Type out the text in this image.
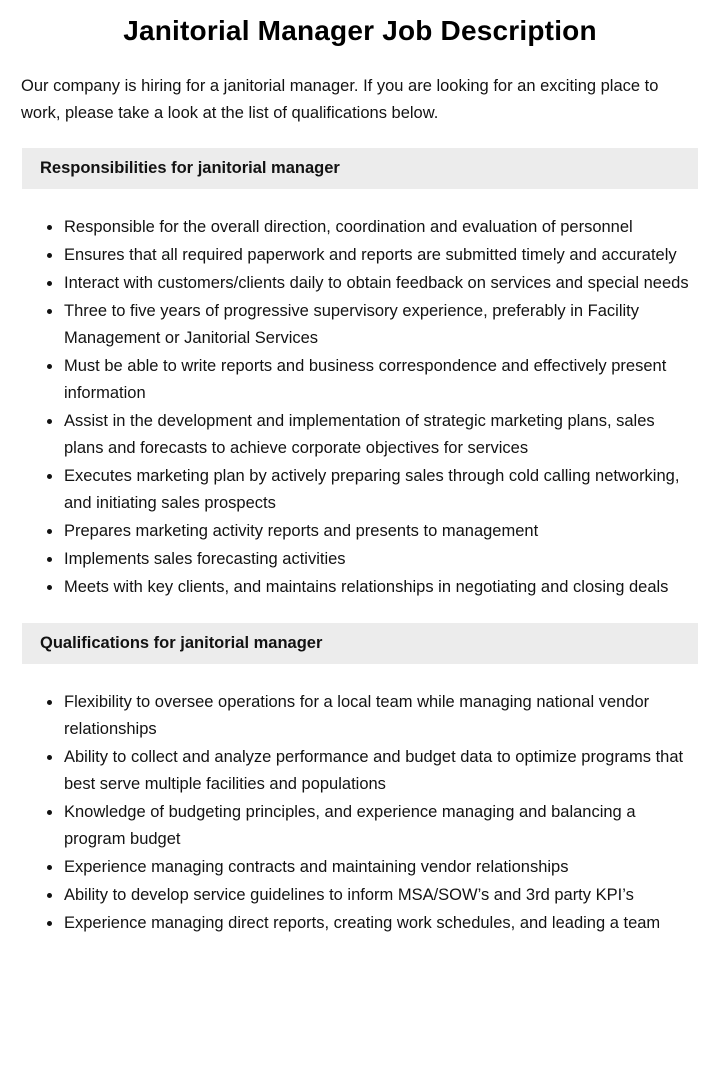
Janitorial Manager Job Description

Our company is hiring for a janitorial manager. If you are looking for an exciting place to work, please take a look at the list of qualifications below.

Responsibilities for janitorial manager
• Responsible for the overall direction, coordination and evaluation of personnel
• Ensures that all required paperwork and reports are submitted timely and accurately
• Interact with customers/clients daily to obtain feedback on services and special needs
• Three to five years of progressive supervisory experience, preferably in Facility Management or Janitorial Services
• Must be able to write reports and business correspondence and effectively present information
• Assist in the development and implementation of strategic marketing plans, sales plans and forecasts to achieve corporate objectives for services
• Executes marketing plan by actively preparing sales through cold calling networking, and initiating sales prospects
• Prepares marketing activity reports and presents to management
• Implements sales forecasting activities
• Meets with key clients, and maintains relationships in negotiating and closing deals
Qualifications for janitorial manager
• Flexibility to oversee operations for a local team while managing national vendor relationships
• Ability to collect and analyze performance and budget data to optimize programs that best serve multiple facilities and populations
• Knowledge of budgeting principles, and experience managing and balancing a program budget
• Experience managing contracts and maintaining vendor relationships
• Ability to develop service guidelines to inform MSA/SOW’s and 3rd party KPI’s
• Experience managing direct reports, creating work schedules, and leading a team
